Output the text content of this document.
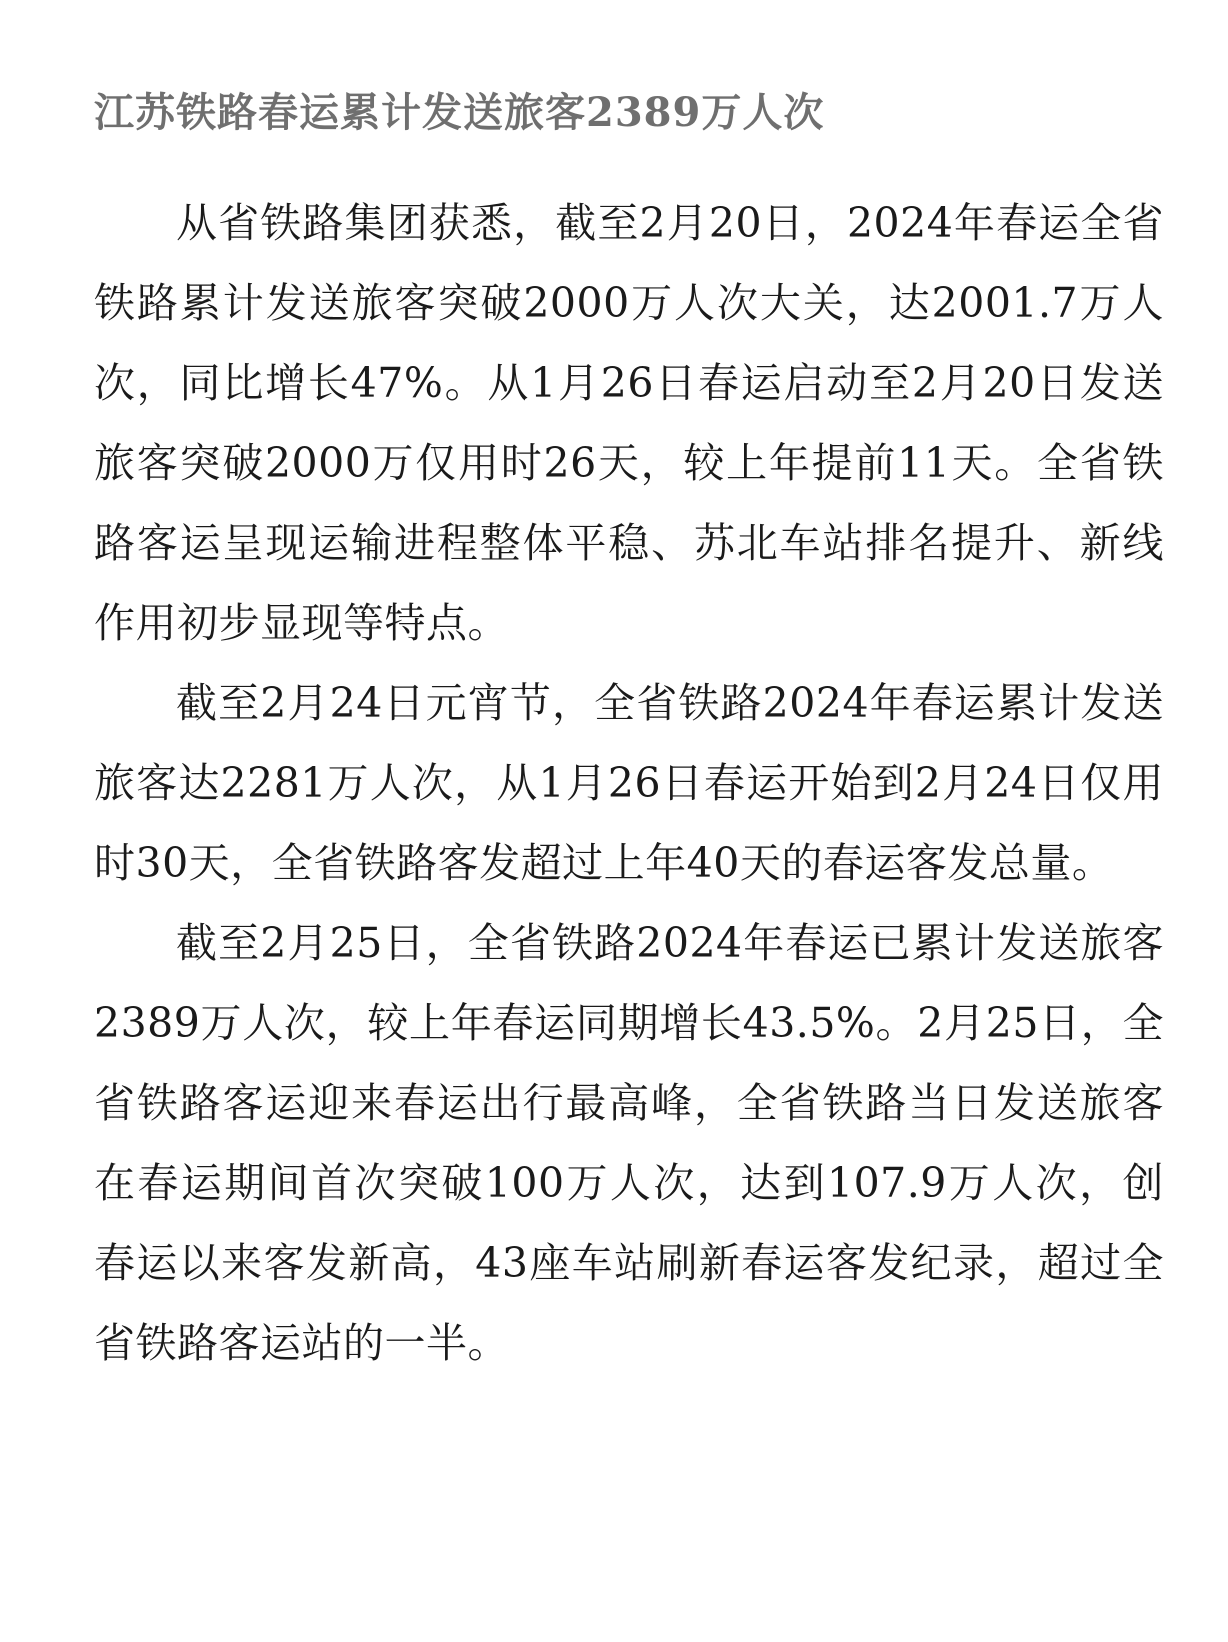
江苏铁路春运累计发送旅客2389万人次

从省铁路集团获悉，截至2月20日，2024年春运全省铁路累计发送旅客突破2000万人次大关，达2001.7万人次，同比增长47%。从1月26日春运启动至2月20日发送旅客突破2000万仅用时26天，较上年提前11天。全省铁路客运呈现运输进程整体平稳、苏北车站排名提升、新线作用初步显现等特点。

截至2月24日元宵节，全省铁路2024年春运累计发送旅客达2281万人次，从1月26日春运开始到2月24日仅用时30天，全省铁路客发超过上年40天的春运客发总量。

截至2月25日，全省铁路2024年春运已累计发送旅客2389万人次，较上年春运同期增长43.5%。2月25日，全省铁路客运迎来春运出行最高峰，全省铁路当日发送旅客在春运期间首次突破100万人次，达到107.9万人次，创春运以来客发新高，43座车站刷新春运客发纪录，超过全省铁路客运站的一半。
